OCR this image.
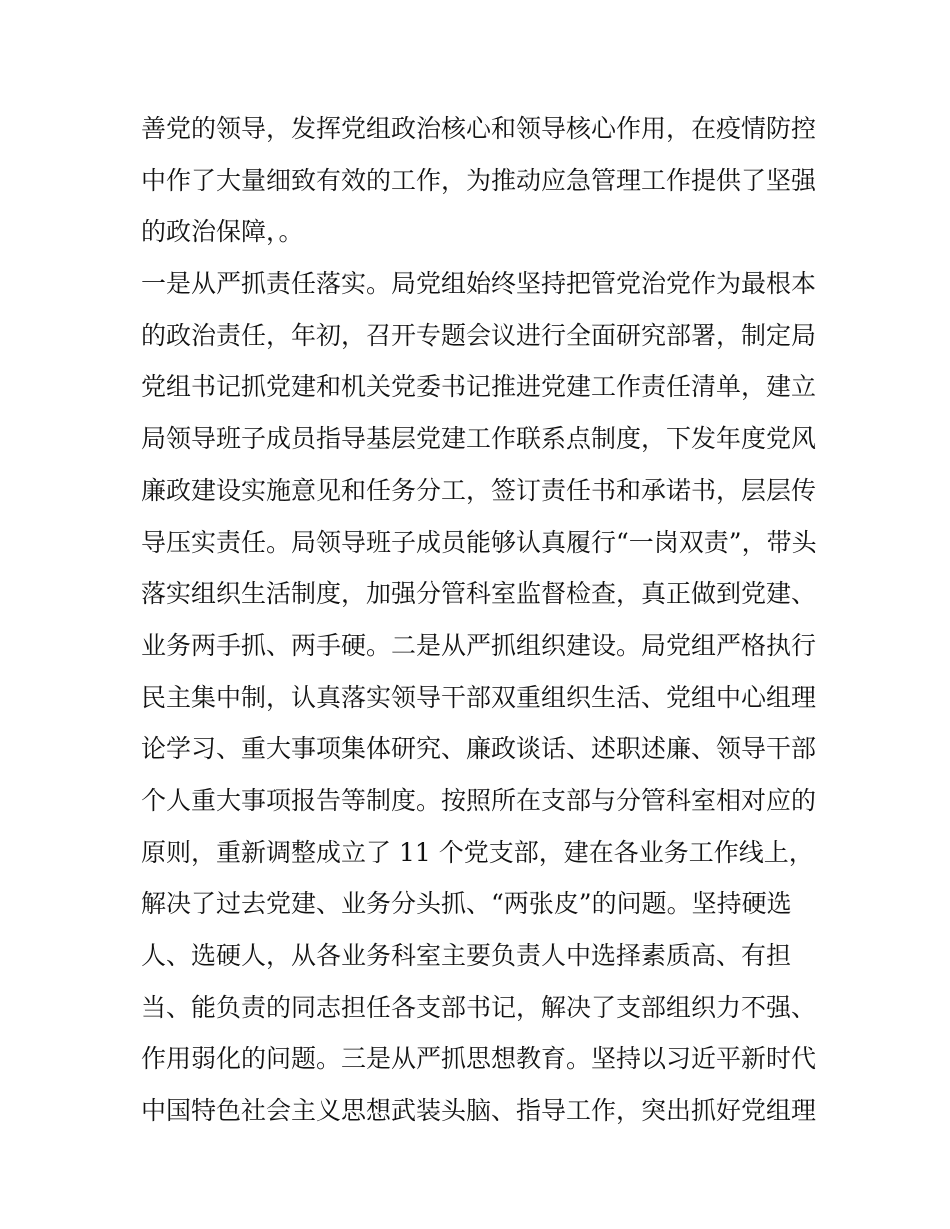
善党的领导，发挥党组政治核心和领导核心作用，在疫情防控
中作了大量细致有效的工作，为推动应急管理工作提供了坚强
的政治保障，。
一是从严抓责任落实。局党组始终坚持把管党治党作为最根本
的政治责任，年初，召开专题会议进行全面研究部署，制定局
党组书记抓党建和机关党委书记推进党建工作责任清单，建立
局领导班子成员指导基层党建工作联系点制度，下发年度党风
廉政建设实施意见和任务分工，签订责任书和承诺书，层层传
导压实责任。局领导班子成员能够认真履行“一岗双责”，带头
落实组织生活制度，加强分管科室监督检查，真正做到党建、
业务两手抓、两手硬。二是从严抓组织建设。局党组严格执行
民主集中制，认真落实领导干部双重组织生活、党组中心组理
论学习、重大事项集体研究、廉政谈话、述职述廉、领导干部
个人重大事项报告等制度。按照所在支部与分管科室相对应的
原则，重新调整成立了 11 个党支部，建在各业务工作线上，
解决了过去党建、业务分头抓、“两张皮”的问题。坚持硬选
人、选硬人，从各业务科室主要负责人中选择素质高、有担
当、能负责的同志担任各支部书记，解决了支部组织力不强、
作用弱化的问题。三是从严抓思想教育。坚持以习近平新时代
中国特色社会主义思想武装头脑、指导工作，突出抓好党组理
